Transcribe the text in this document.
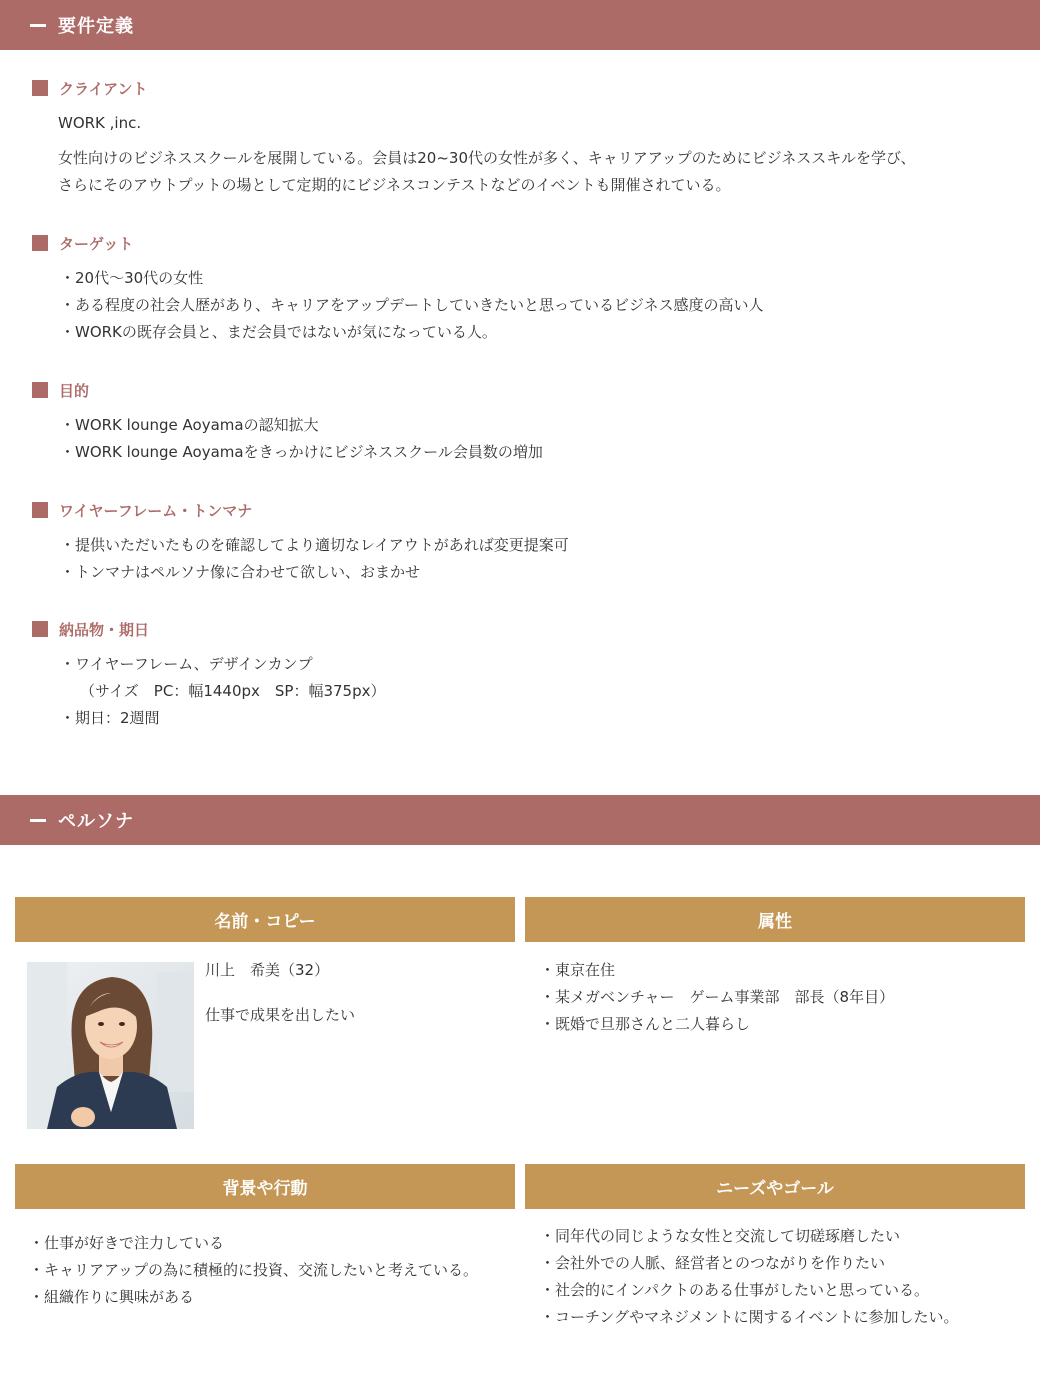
要件定義
クライアント

WORK ,inc.

女性向けのビジネススクールを展開している。会員は20~30代の女性が多く、キャリアアップのためにビジネススキルを学び、

さらにそのアウトプットの場として定期的にビジネスコンテストなどのイベントも開催されている。

ターゲット
・20代〜30代の女性
・ある程度の社会人歴があり、キャリアをアップデートしていきたいと思っているビジネス感度の高い人
・WORKの既存会員と、まだ会員ではないが気になっている人。
目的
・WORK lounge Aoyamaの認知拡大
・WORK lounge Aoyamaをきっかけにビジネススクール会員数の増加
ワイヤーフレーム・トンマナ
・提供いただいたものを確認してより適切なレイアウトがあれば変更提案可
・トンマナはペルソナ像に合わせて欲しい、おまかせ
納品物・期日
・ワイヤーフレーム、デザインカンプ
（サイズ　PC：幅1440px　SP：幅375px）
・期日：2週間
ペルソナ
名前・コピー

川上　希美（32）

仕事で成果を出したい

属性
・東京在住
・某メガベンチャー　ゲーム事業部　部長（8年目）
・既婚で旦那さんと二人暮らし
背景や行動
・仕事が好きで注力している
・キャリアアップの為に積極的に投資、交流したいと考えている。
・組織作りに興味がある
ニーズやゴール
・同年代の同じような女性と交流して切磋琢磨したい
・会社外での人脈、経営者とのつながりを作りたい
・社会的にインパクトのある仕事がしたいと思っている。
・コーチングやマネジメントに関するイベントに参加したい。
